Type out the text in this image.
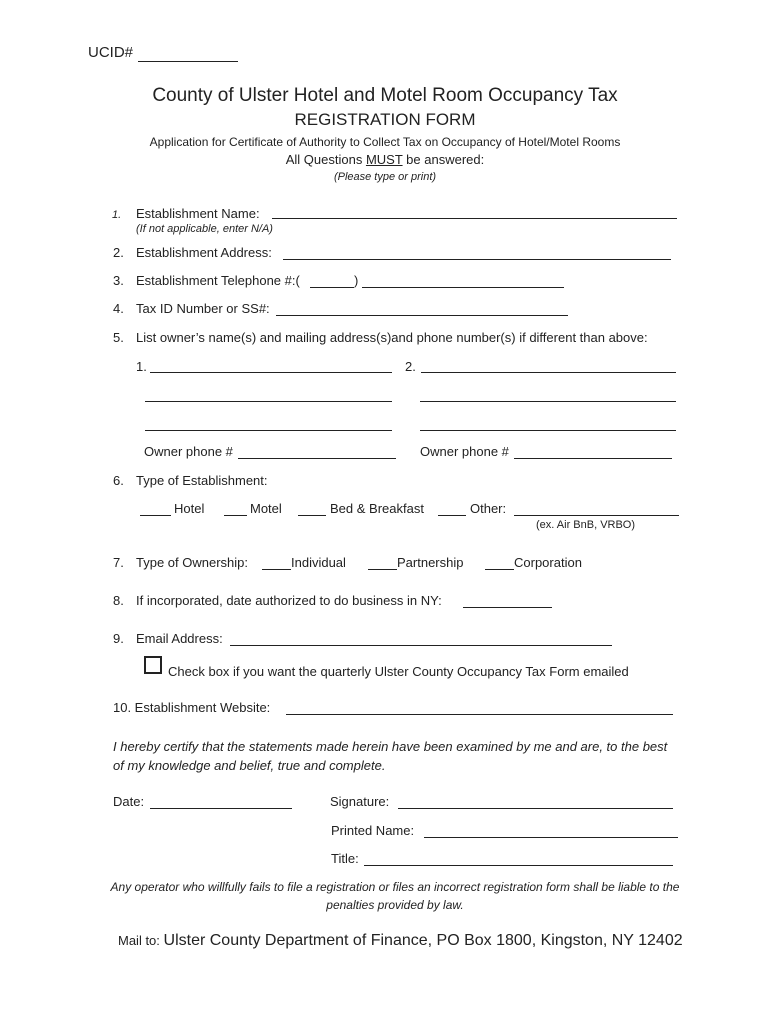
UCID#
County of Ulster Hotel and Motel Room Occupancy Tax
REGISTRATION FORM
Application for Certificate of Authority to Collect Tax on Occupancy of Hotel/Motel Rooms
All Questions MUST be answered:
(Please type or print)
1. Establishment Name:
(If not applicable, enter N/A)
2. Establishment Address:
3. Establishment Telephone #:(	)
4. Tax ID Number or SS#:
5. List owner’s name(s) and mailing address(s)and phone number(s) if different than above:
1.	2.
Owner phone #	Owner phone #
6. Type of Establishment:
Hotel	Motel	Bed & Breakfast	Other:
(ex. Air BnB, VRBO)
7. Type of Ownership:	Individual	Partnership	Corporation
8. If incorporated, date authorized to do business in NY:
9. Email Address:
Check box if you want the quarterly Ulster County Occupancy Tax Form emailed
10. Establishment Website:
I hereby certify that the statements made herein have been examined by me and are, to the best of my knowledge and belief, true and complete.
Date:	Signature:
Printed Name:
Title:
Any operator who willfully fails to file a registration or files an incorrect registration form shall be liable to the penalties provided by law.
Mail to: Ulster County Department of Finance, PO Box 1800, Kingston, NY 12402
